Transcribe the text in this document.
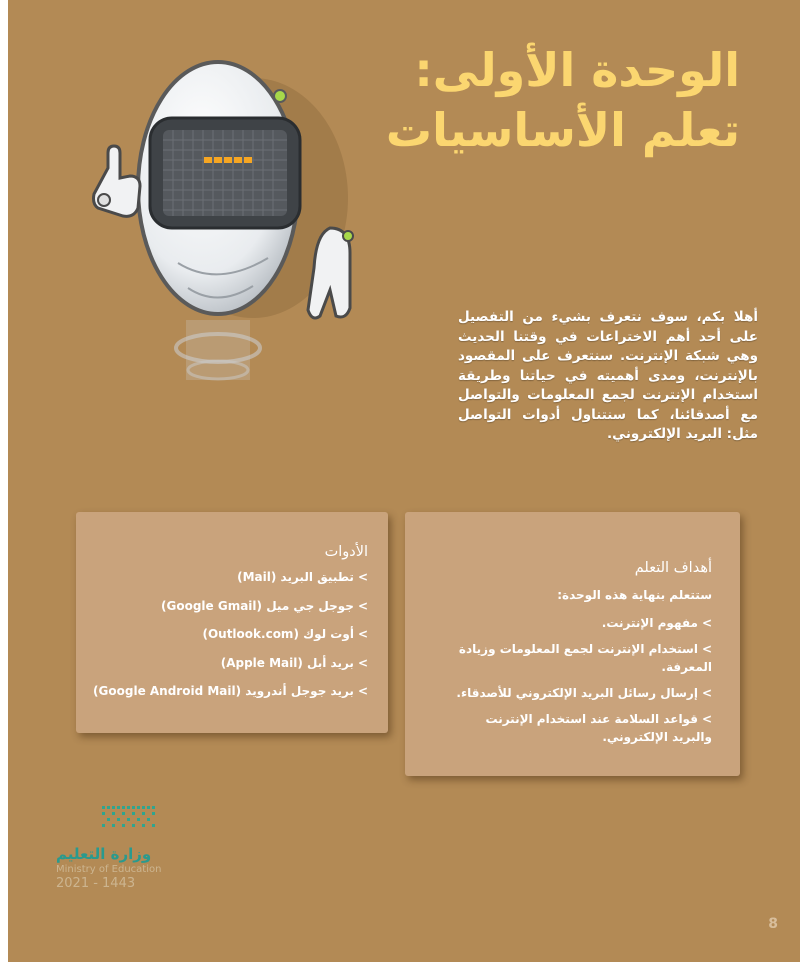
الوحدة الأولى:
تعلم الأساسيات
أهلا بكم، سوف نتعرف بشيء من التفصيل على أحد أهم الاختراعات في وقتنا الحديث وهي شبكة الإنترنت. سنتعرف على المقصود بالإنترنت، ومدى أهميته في حياتنا وطريقة استخدام الإنترنت لجمع المعلومات والتواصل مع أصدقائنا، كما سنتناول أدوات التواصل مثل: البريد الإلكتروني.
الأدوات
>تطبيق البريد (Mail)
>جوجل جي ميل (Google Gmail)
>أوت لوك (Outlook.com)
>بريد أبل (Apple Mail)
>بريد جوجل أندرويد (Google Android Mail)
أهداف التعلم
ستتعلم بنهاية هذه الوحدة:
>مفهوم الإنترنت.
>استخدام الإنترنت لجمع المعلومات وزيادة المعرفة.
>إرسال رسائل البريد الإلكتروني للأصدقاء.
>قواعد السلامة عند استخدام الإنترنت والبريد الإلكتروني.
وزارة التعليم
Ministry of Education
2021 - 1443
8
